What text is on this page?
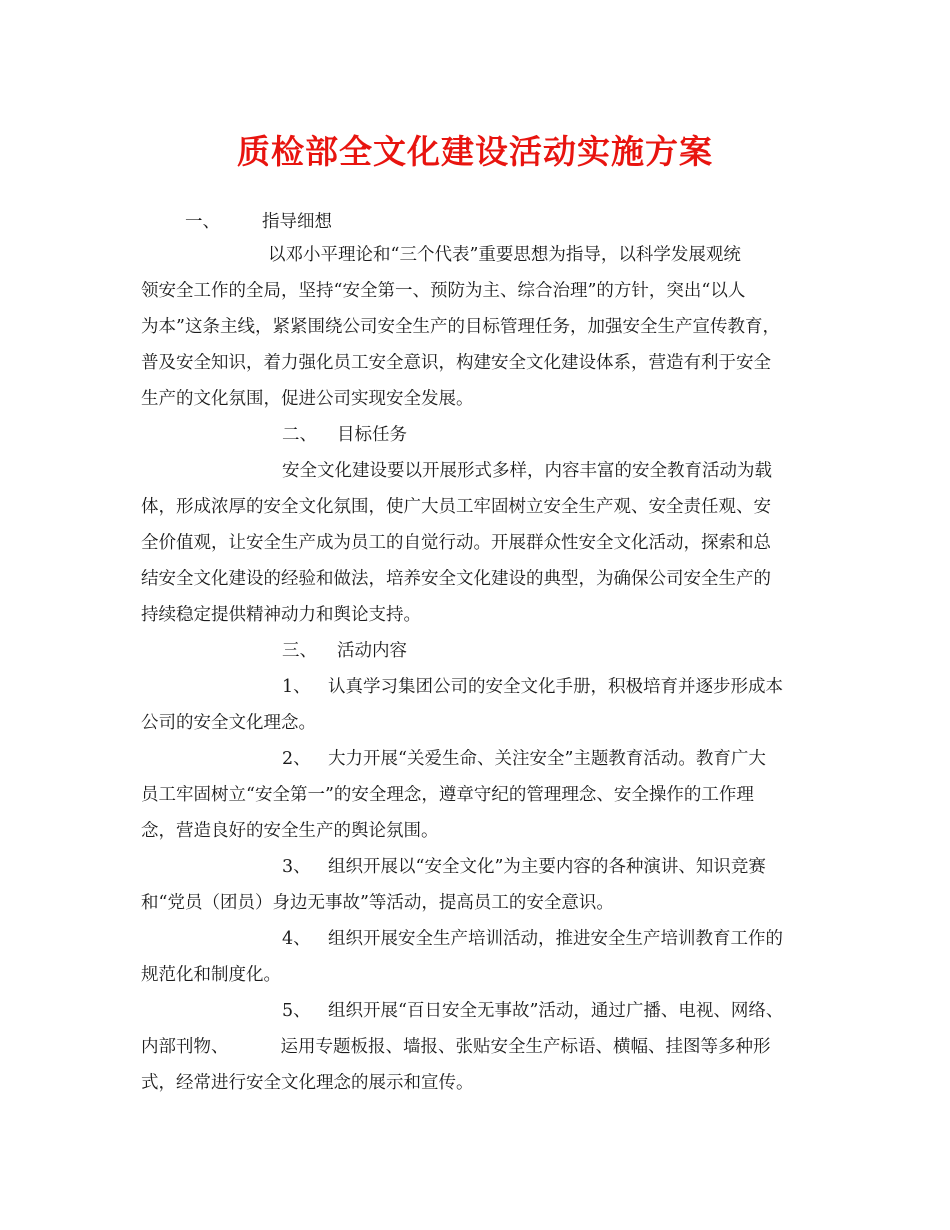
质检部全文化建设活动实施方案
一、 指导细想
以邓小平理论和“三个代表”重要思想为指导，以科学发展观统
领安全工作的全局，坚持“安全第一、预防为主、综合治理”的方针，突出“以人
为本”这条主线，紧紧围绕公司安全生产的目标管理任务，加强安全生产宣传教育，
普及安全知识，着力强化员工安全意识，构建安全文化建设体系，营造有利于安全
生产的文化氛围，促进公司实现安全发展。
二、 目标任务
安全文化建设要以开展形式多样，内容丰富的安全教育活动为载
体，形成浓厚的安全文化氛围，使广大员工牢固树立安全生产观、安全责任观、安
全价值观，让安全生产成为员工的自觉行动。开展群众性安全文化活动，探索和总
结安全文化建设的经验和做法，培养安全文化建设的典型，为确保公司安全生产的
持续稳定提供精神动力和舆论支持。
三、 活动内容
1、 认真学习集团公司的安全文化手册，积极培育并逐步形成本
公司的安全文化理念。
2、 大力开展“关爱生命、关注安全”主题教育活动。教育广大
员工牢固树立“安全第一”的安全理念，遵章守纪的管理理念、安全操作的工作理
念，营造良好的安全生产的舆论氛围。
3、 组织开展以“安全文化”为主要内容的各种演讲、知识竞赛
和“党员（团员）身边无事故”等活动，提高员工的安全意识。
4、 组织开展安全生产培训活动，推进安全生产培训教育工作的
规范化和制度化。
5、 组织开展“百日安全无事故”活动，通过广播、电视、网络、
内部刊物、	运用专题板报、墙报、张贴安全生产标语、横幅、挂图等多种形
式，经常进行安全文化理念的展示和宣传。
